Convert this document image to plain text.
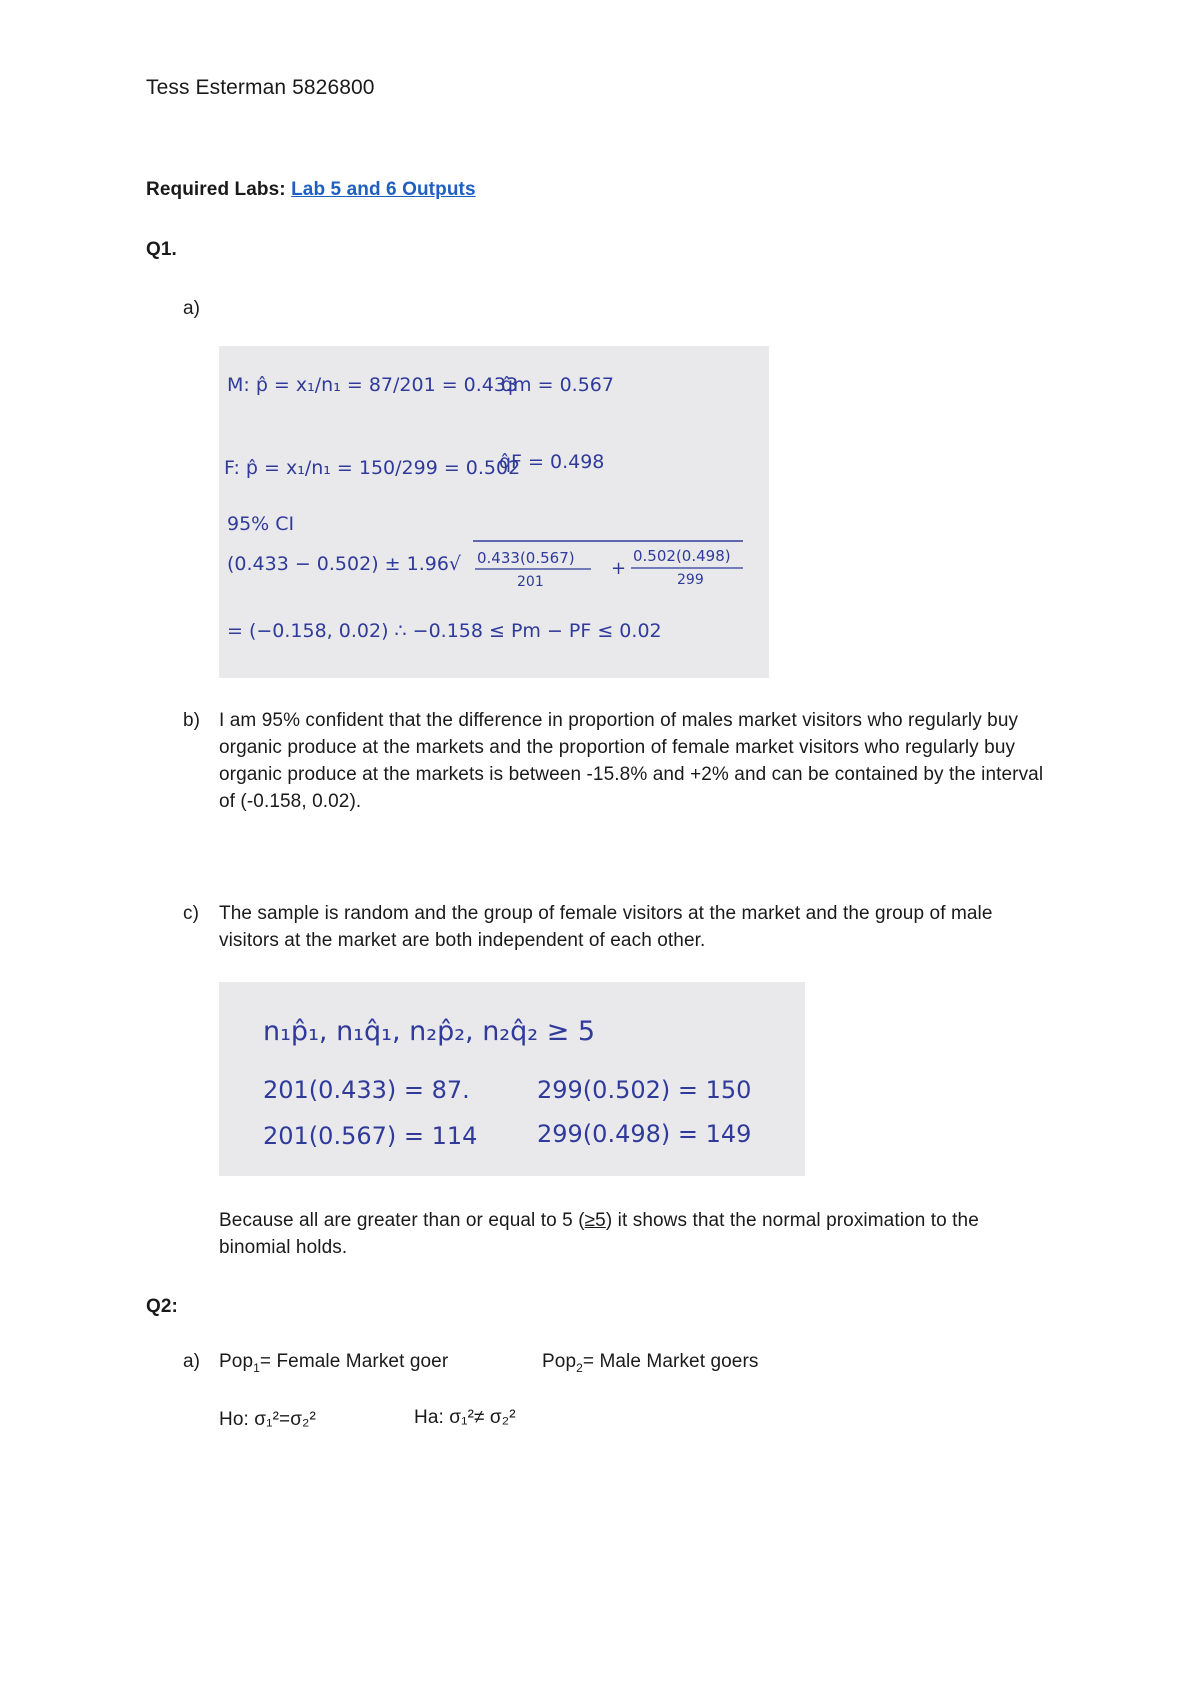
Tess Esterman 5826800
Required Labs: Lab 5 and 6 Outputs
Q1.
a)
M: p̂ = x₁/n₁ = 87/201 = 0.433
q̂m = 0.567
F: p̂ = x₁/n₁ = 150/299 = 0.502
q̂F = 0.498
95% CI
(0.433 − 0.502) ± 1.96√ 0.433(0.567)
201
+
0.502(0.498)
299
= (−0.158, 0.02) ∴ −0.158 ≤ Pm − PF ≤ 0.02
b) I am 95% confident that the difference in proportion of males market visitors who regularly buy organic produce at the markets and the proportion of female market visitors who regularly buy organic produce at the markets is between -15.8% and +2% and can be contained by the interval of (-0.158, 0.02).
c) The sample is random and the group of female visitors at the market and the group of male visitors at the market are both independent of each other.
n₁p̂₁, n₁q̂₁, n₂p̂₂, n₂q̂₂ ≥ 5
201(0.433) = 87.	299(0.502) = 150
201(0.567) = 114 299(0.498) = 149
Because all are greater than or equal to 5 (≥5) it shows that the normal proximation to the binomial holds.
Q2:
a) Pop$_1$= Female Market goer	Pop$_2$= Male Market goers
Ho: σ₁²=σ₂²	Ha: σ₁²≠ σ₂²
